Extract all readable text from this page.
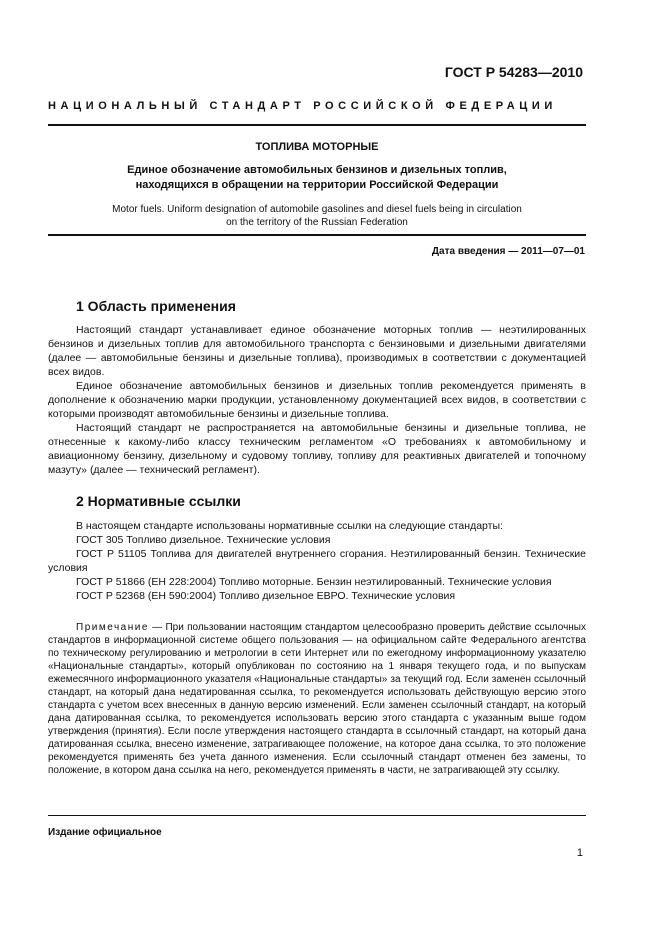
ГОСТ Р 54283—2010
НАЦИОНАЛЬНЫЙ СТАНДАРТ РОССИЙСКОЙ ФЕДЕРАЦИИ
ТОПЛИВА МОТОРНЫЕ
Единое обозначение автомобильных бензинов и дизельных топлив,
находящихся в обращении на территории Российской Федерации
Motor fuels. Uniform designation of automobile gasolines and diesel fuels being in circulation
on the territory of the Russian Federation
Дата введения — 2011—07—01
1 Область применения

Настоящий стандарт устанавливает единое обозначение моторных топлив — неэтилированных бензинов и дизельных топлив для автомобильного транспорта с бензиновыми и дизельными двигателями (далее — автомобильные бензины и дизельные топлива), производимых в соответствии с документацией всех видов.

Единое обозначение автомобильных бензинов и дизельных топлив рекомендуется применять в дополнение к обозначению марки продукции, установленному документацией всех видов, в соответствии с которыми производят автомобильные бензины и дизельные топлива.

Настоящий стандарт не распространяется на автомобильные бензины и дизельные топлива, не отнесенные к какому-либо классу техническим регламентом «О требованиях к автомобильному и авиационному бензину, дизельному и судовому топливу, топливу для реактивных двигателей и топочному мазуту» (далее — технический регламент).

2 Нормативные ссылки

В настоящем стандарте использованы нормативные ссылки на следующие стандарты:

ГОСТ 305 Топливо дизельное. Технические условия

ГОСТ Р 51105 Топлива для двигателей внутреннего сгорания. Неэтилированный бензин. Технические условия

ГОСТ Р 51866 (ЕН 228:2004) Топливо моторные. Бензин неэтилированный. Технические условия

ГОСТ Р 52368 (ЕН 590:2004) Топливо дизельное ЕВРО. Технические условия

Примечание — При пользовании настоящим стандартом целесообразно проверить действие ссылочных стандартов в информационной системе общего пользования — на официальном сайте Федерального агентства по техническому регулированию и метрологии в сети Интернет или по ежегодному информационному указателю «Национальные стандарты», который опубликован по состоянию на 1 января текущего года, и по выпускам ежемесячного информационного указателя «Национальные стандарты» за текущий год. Если заменен ссылочный стандарт, на который дана недатированная ссылка, то рекомендуется использовать действующую версию этого стандарта с учетом всех внесенных в данную версию изменений. Если заменен ссылочный стандарт, на который дана датированная ссылка, то рекомендуется использовать версию этого стандарта с указанным выше годом утверждения (принятия). Если после утверждения настоящего стандарта в ссылочный стандарт, на который дана датированная ссылка, внесено изменение, затрагивающее положение, на которое дана ссылка, то это положение рекомендуется применять без учета данного изменения. Если ссылочный стандарт отменен без замены, то положение, в котором дана ссылка на него, рекомендуется применять в части, не затрагивающей эту ссылку.
Издание официальное
1
